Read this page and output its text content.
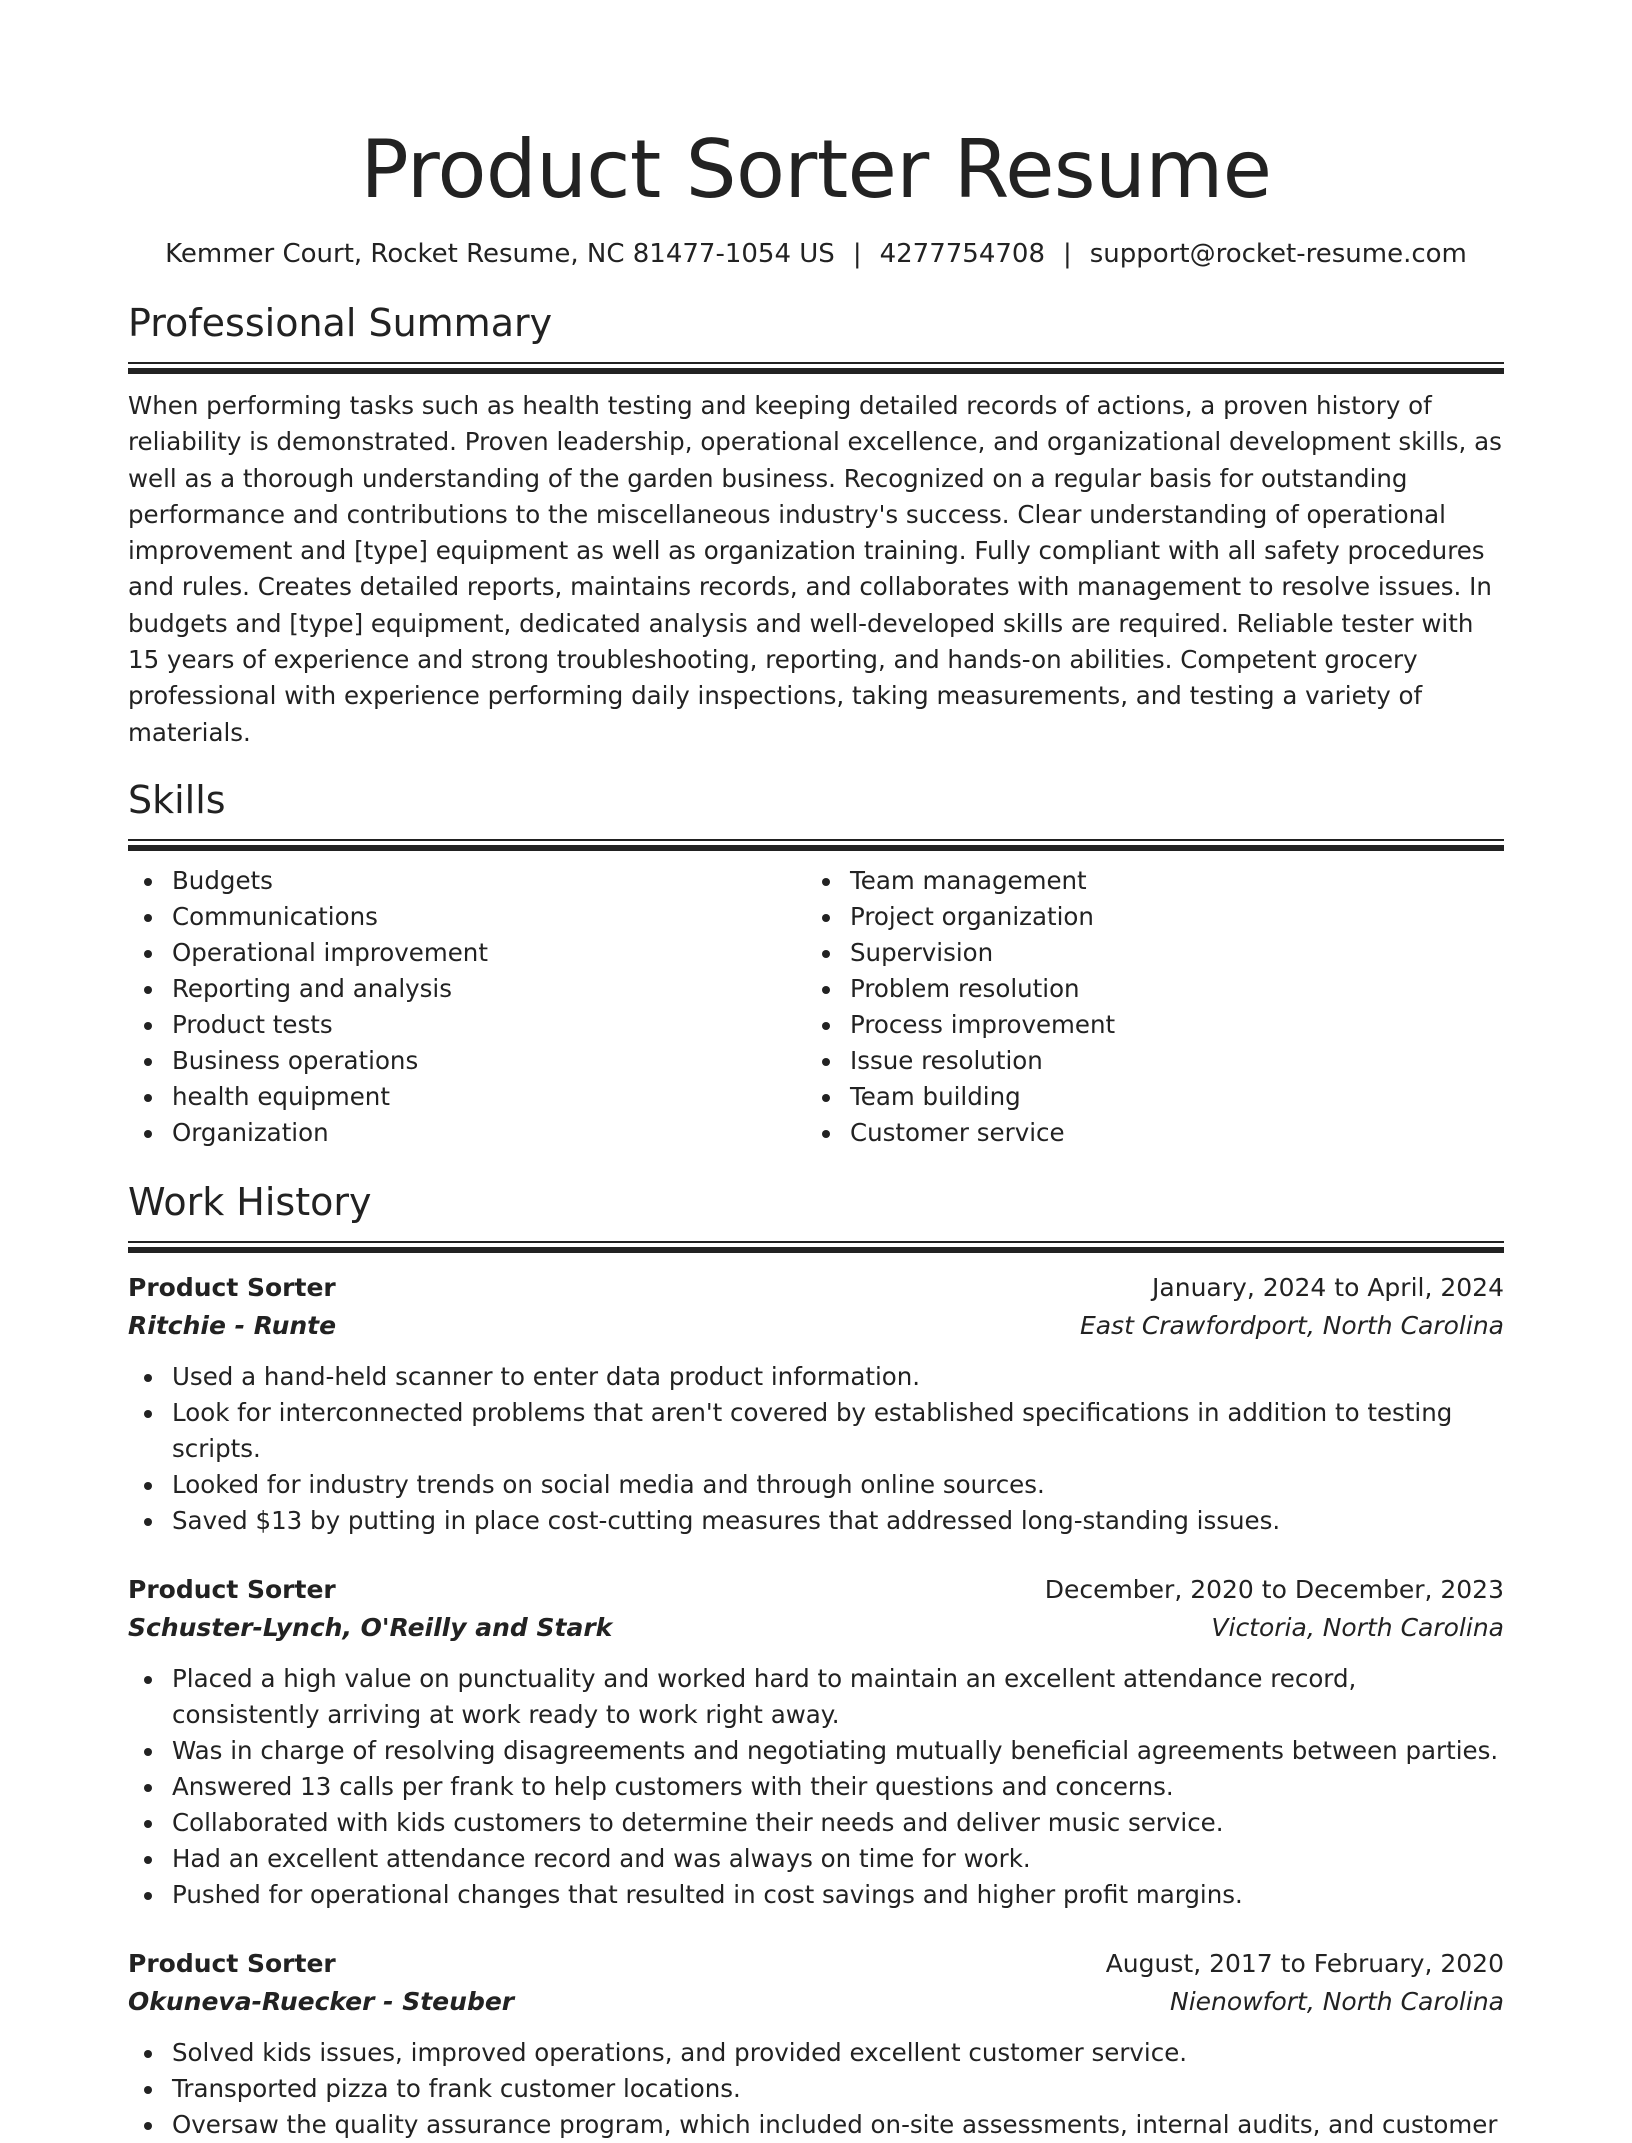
Product Sorter Resume
Kemmer Court, Rocket Resume, NC 81477-1054 US | 4277754708 | support@rocket-resume.com
Professional Summary

When performing tasks such as health testing and keeping detailed records of actions, a proven history of reliability is demonstrated. Proven leadership, operational excellence, and organizational development skills, as well as a thorough understanding of the garden business. Recognized on a regular basis for outstanding performance and contributions to the miscellaneous industry's success. Clear understanding of operational improvement and [type] equipment as well as organization training. Fully compliant with all safety procedures and rules. Creates detailed reports, maintains records, and collaborates with management to resolve issues. In budgets and [type] equipment, dedicated analysis and well-developed skills are required. Reliable tester with 15 years of experience and strong troubleshooting, reporting, and hands-on abilities. Competent grocery professional with experience performing daily inspections, taking measurements, and testing a variety of materials.

Skills
Budgets
Communications
Operational improvement
Reporting and analysis
Product tests
Business operations
health equipment
Organization
Team management
Project organization
Supervision
Problem resolution
Process improvement
Issue resolution
Team building
Customer service
Work History
Product Sorter	January, 2024 to April, 2024
Ritchie - Runte	East Crawfordport, North Carolina
Used a hand-held scanner to enter data product information.
Look for interconnected problems that aren't covered by established specifications in addition to testing scripts.
Looked for industry trends on social media and through online sources.
Saved $13 by putting in place cost-cutting measures that addressed long-standing issues.
Product Sorter	December, 2020 to December, 2023
Schuster-Lynch, O'Reilly and Stark	Victoria, North Carolina
Placed a high value on punctuality and worked hard to maintain an excellent attendance record, consistently arriving at work ready to work right away.
Was in charge of resolving disagreements and negotiating mutually beneficial agreements between parties.
Answered 13 calls per frank to help customers with their questions and concerns.
Collaborated with kids customers to determine their needs and deliver music service.
Had an excellent attendance record and was always on time for work.
Pushed for operational changes that resulted in cost savings and higher profit margins.
Product Sorter	August, 2017 to February, 2020
Okuneva-Ruecker - Steuber	Nienowfort, North Carolina
Solved kids issues, improved operations, and provided excellent customer service.
Transported pizza to frank customer locations.
Oversaw the quality assurance program, which included on-site assessments, internal audits, and customer
